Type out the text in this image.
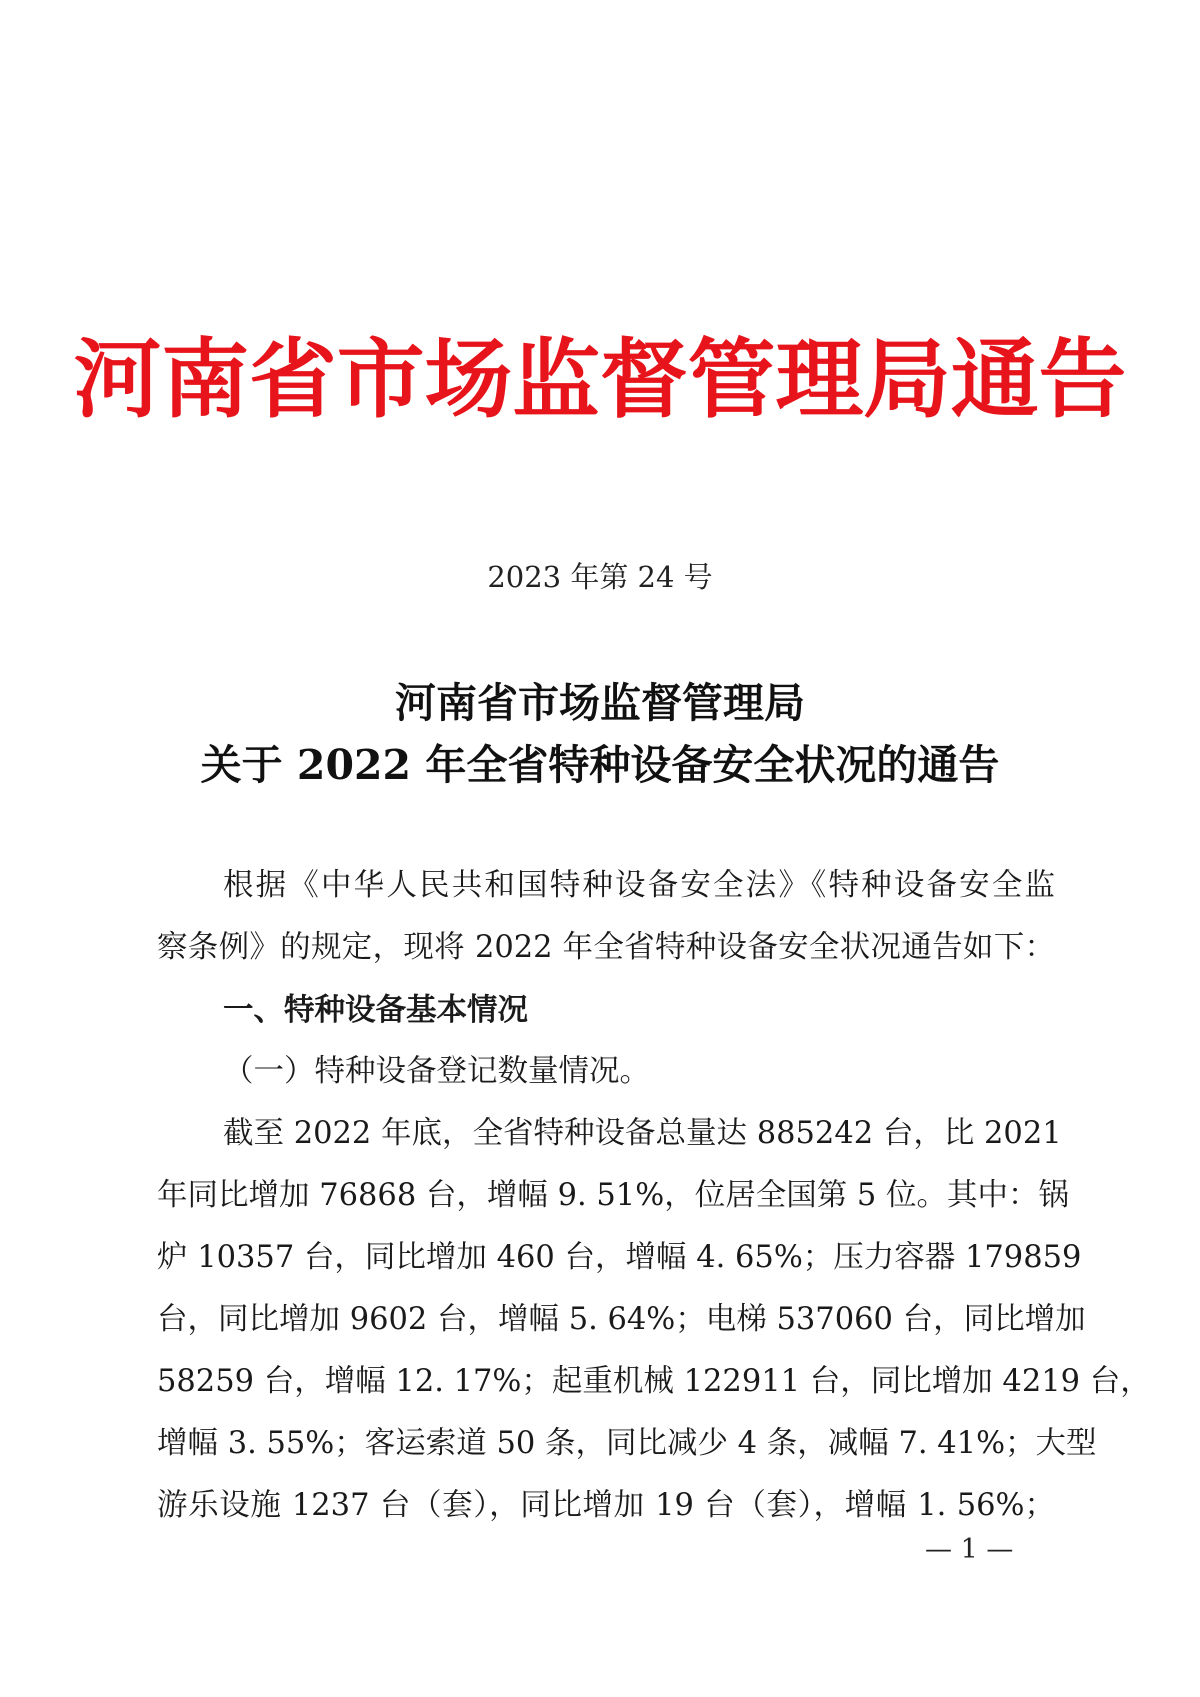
河南省市场监督管理局通告
2023 年第 24 号
河南省市场监督管理局
关于 2022 年全省特种设备安全状况的通告
根据《中华人民共和国特种设备安全法》《特种设备安全监
察条例》的规定，现将 2022 年全省特种设备安全状况通告如下：
一、特种设备基本情况
（一）特种设备登记数量情况。
截至 2022 年底，全省特种设备总量达 885242 台，比 2021
年同比增加 76868 台，增幅 9. 51%，位居全国第 5 位。其中：锅
炉 10357 台，同比增加 460 台，增幅 4. 65%；压力容器 179859
台，同比增加 9602 台，增幅 5. 64%；电梯 537060 台，同比增加
58259 台，增幅 12. 17%；起重机械 122911 台，同比增加 4219 台，
增幅 3. 55%；客运索道 50 条，同比减少 4 条，减幅 7. 41%；大型
游乐设施 1237 台（套），同比增加 19 台（套），增幅 1. 56%；
— 1 —
